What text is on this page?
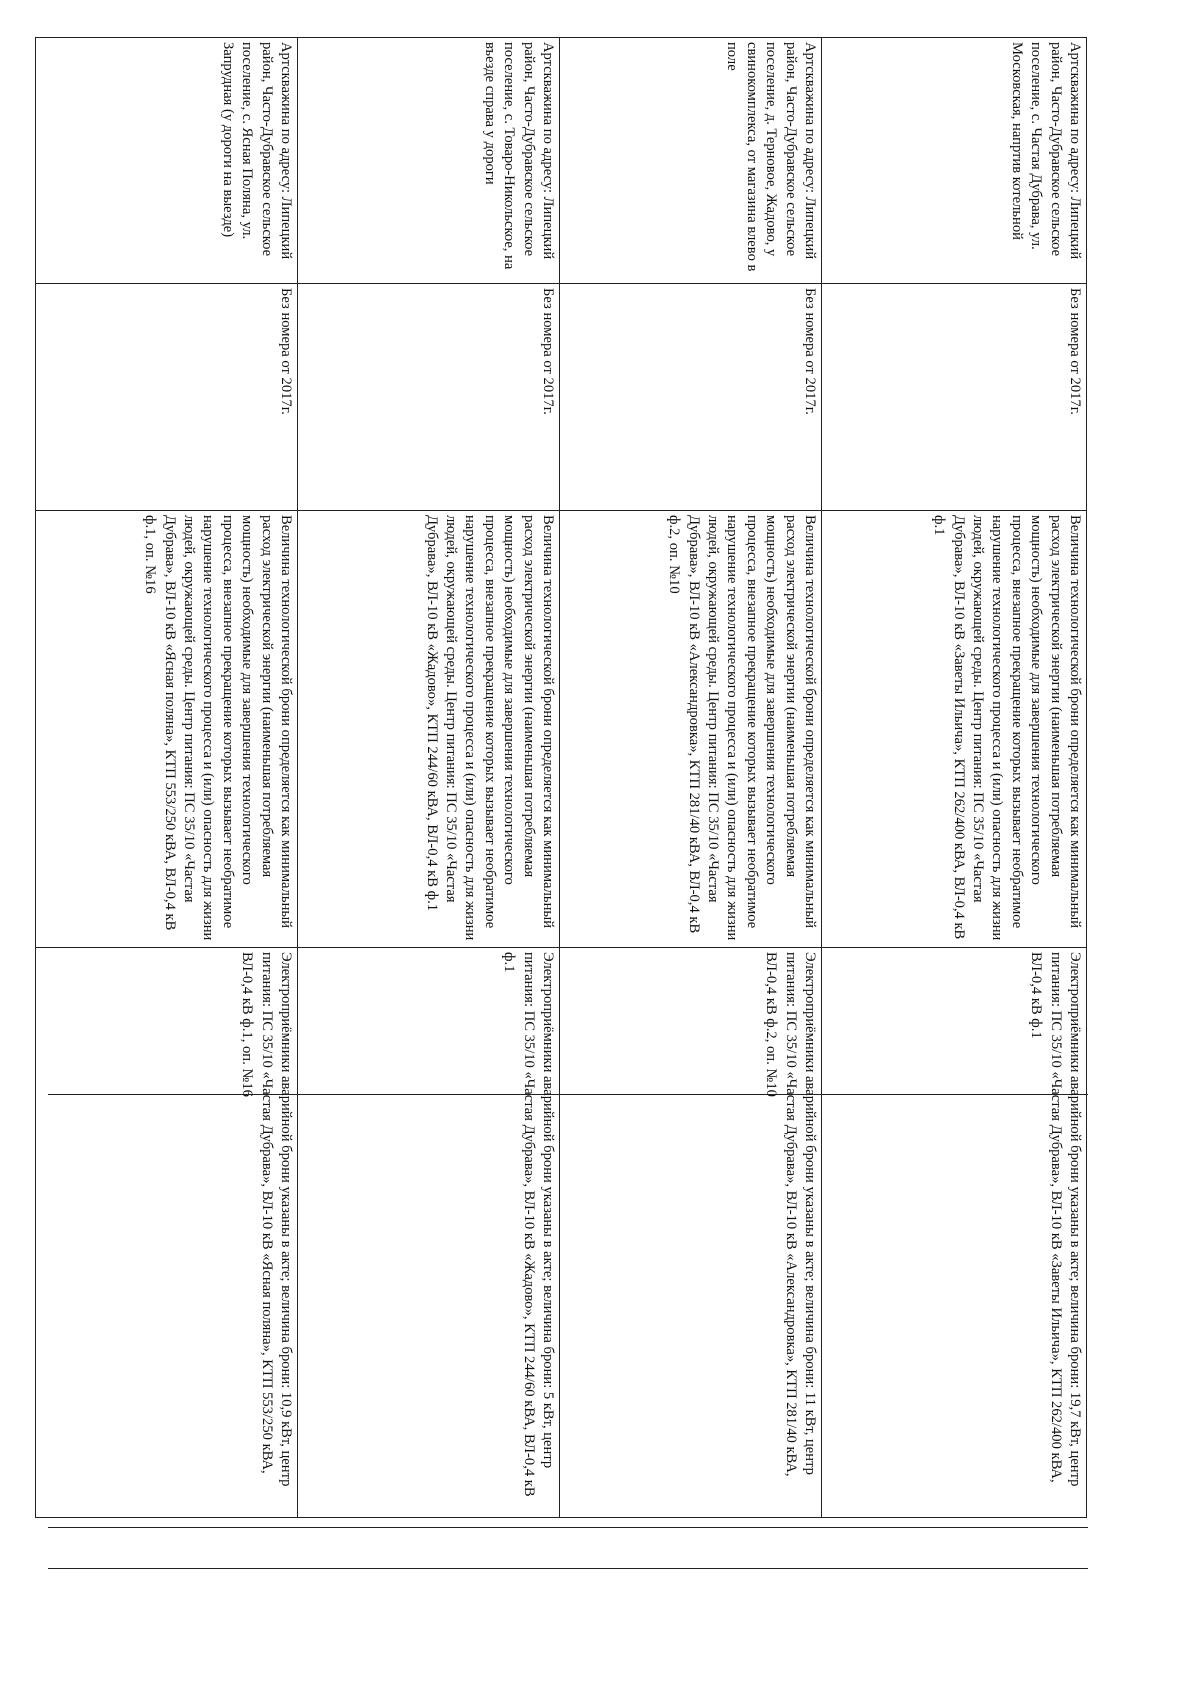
Артскважина по адресу: Липецкий район, Часто-Дубравское сельское поселение, с. Частая Дубрава, ул. Московская, напртив котельной	Без номера от 2017г.	Величина технологической брони определяется как минимальный расход электрической энергии (наименьшая потребляемая мощность) необходимые для завершения технологического процесса, внезапное прекращение которых вызывает необратимое нарушение технологического процесса и (или) опасность для жизни людей, окружающей среды. Центр питания: ПС 35/10 «Частая Дубрава», ВЛ-10 кВ «Заветы Ильича», КТП 262/400 кВА, ВЛ-0,4 кВ ф.1	Электроприёмники аварийной брони указаны в акте; величина брони: 19,7 кВт, центр питания: ПС 35/10 «Частая Дубрава», ВЛ-10 кВ «Заветы Ильича», КТП 262/400 кВА, ВЛ-0,4 кВ ф.1
Артскважина по адресу: Липецкий район, Часто-Дубравское сельское поселение, д. Терновое, Жадово, у свинокомплекса, от магазина влево в поле	Без номера от 2017г.	Величина технологической брони определяется как минимальный расход электрической энергии (наименьшая потребляемая мощность) необходимые для завершения технологического процесса, внезапное прекращение которых вызывает необратимое нарушение технологического процесса и (или) опасность для жизни людей, окружающей среды. Центр питания: ПС 35/10 «Частая Дубрава», ВЛ-10 кВ «Александровка», КТП 281/40 кВА, ВЛ-0,4 кВ ф.2, оп. №10	Электроприёмники аварийной брони указаны в акте; величина брони: 11 кВт, центр питания: ПС 35/10 «Частая Дубрава», ВЛ-10 кВ «Александровка», КТП 281/40 кВА, ВЛ-0,4 кВ ф.2, оп. №10
Артскважина по адресу: Липецкий район, Часто-Дубравское сельское поселение, с. Товаро-Никольское, на въезде справа у дороги	Без номера от 2017г.	Величина технологической брони определяется как минимальный расход электрической энергии (наименьшая потребляемая мощность) необходимые для завершения технологического процесса, внезапное прекращение которых вызывает необратимое нарушение технологического процесса и (или) опасность для жизни людей, окружающей среды. Центр питания: ПС 35/10 «Частая Дубрава», ВЛ-10 кВ «Жадово», КТП 244/60 кВА, ВЛ-0,4 кВ ф.1	Электроприёмники аварийной брони указаны в акте; величина брони: 5 кВт, центр питания: ПС 35/10 «Частая Дубрава», ВЛ-10 кВ «Жадово», КТП 244/60 кВА, ВЛ-0,4 кВ ф.1
Артскважина по адресу: Липецкий район, Часто-Дубравское сельское поселение, с. Ясная Поляна, ул. Запрудная (у дороги на выезде)	Без номера от 2017г.	Величина технологической брони определяется как минимальный расход электрической энергии (наименьшая потребляемая мощность) необходимые для завершения технологического процесса, внезапное прекращение которых вызывает необратимое нарушение технологического процесса и (или) опасность для жизни людей, окружающей среды. Центр питания: ПС 35/10 «Частая Дубрава», ВЛ-10 кВ «Ясная поляна», КТП 553/250 кВА, ВЛ-0,4 кВ ф.1, оп. №16	Электроприёмники аварийной брони указаны в акте; величина брони: 10,9 кВт, центр питания: ПС 35/10 «Частая Дубрава», ВЛ-10 кВ «Ясная поляна», КТП 553/250 кВА, ВЛ-0,4 кВ ф.1, оп. №16
